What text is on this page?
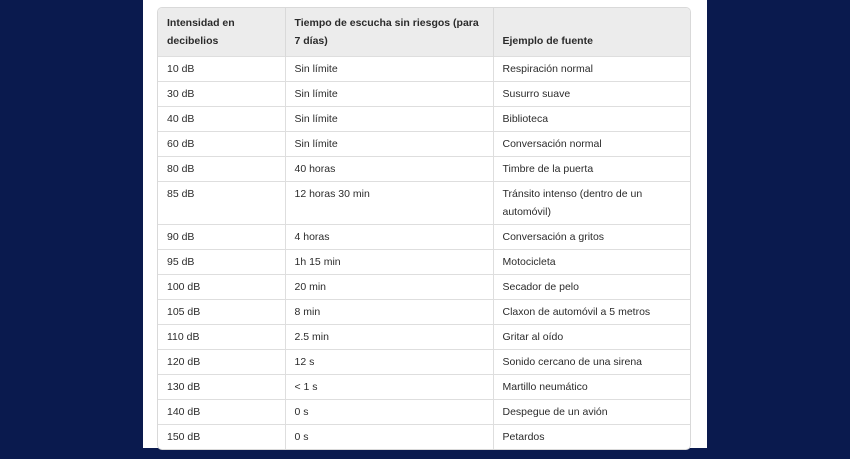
Intensidad en decibelios	Tiempo de escucha sin riesgos (para 7 días)	Ejemplo de fuente
10 dB	Sin límite	Respiración normal
30 dB	Sin límite	Susurro suave
40 dB	Sin límite	Biblioteca
60 dB	Sin límite	Conversación normal
80 dB	40 horas	Timbre de la puerta
85 dB	12 horas 30 min	Tránsito intenso (dentro de un automóvil)
90 dB	4 horas	Conversación a gritos
95 dB	1h 15 min	Motocicleta
100 dB	20 min	Secador de pelo
105 dB	8 min	Claxon de automóvil a 5 metros
110 dB	2.5 min	Gritar al oído
120 dB	12 s	Sonido cercano de una sirena
130 dB	< 1 s	Martillo neumático
140 dB	0 s	Despegue de un avión
150 dB	0 s	Petardos
